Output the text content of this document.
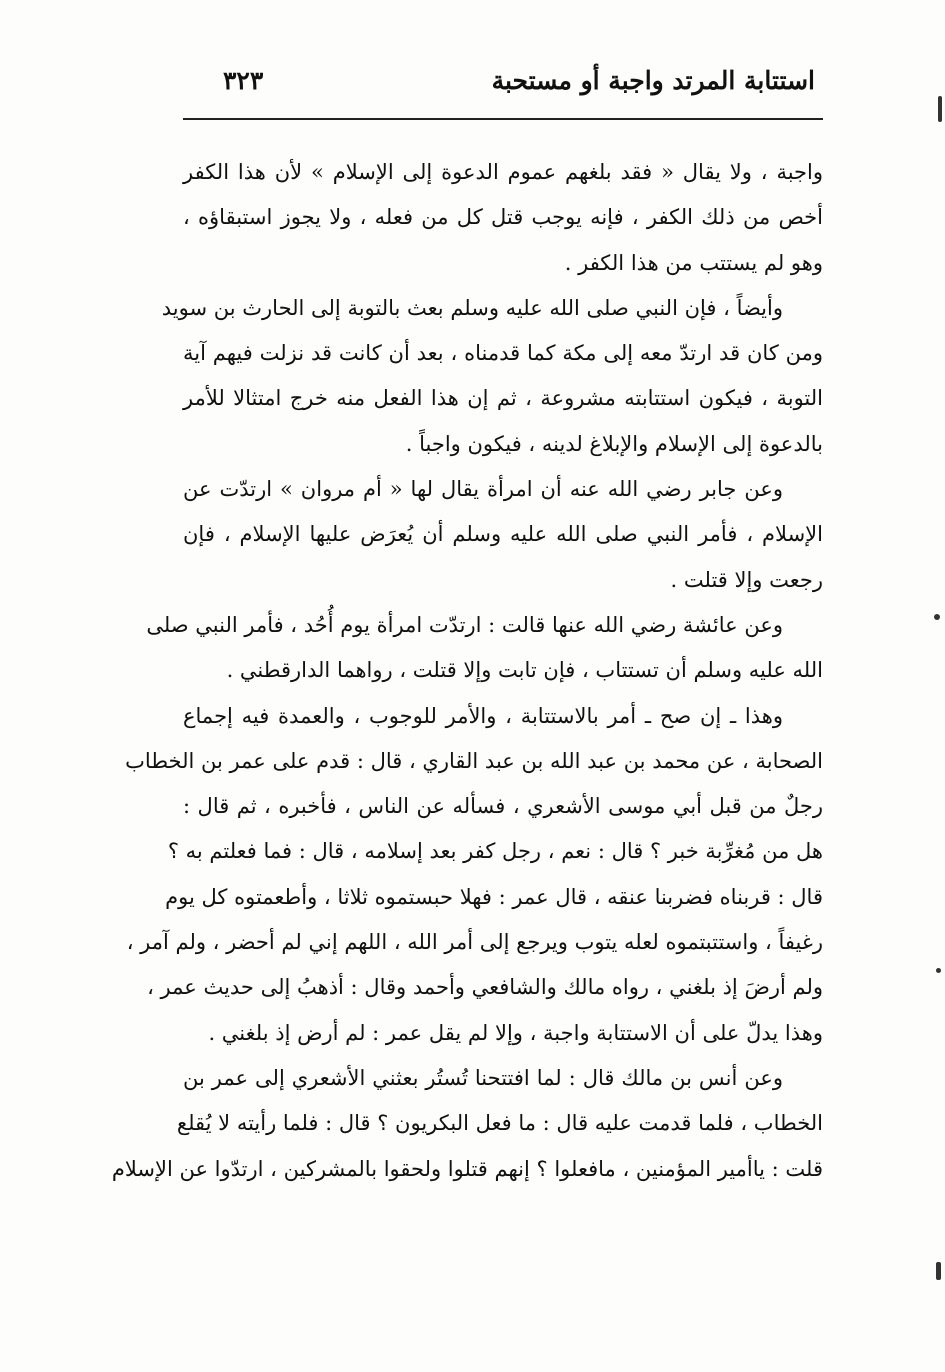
استتابة المرتد واجبة أو مستحبة
٣٢٣
واجبة ، ولا يقال « فقد بلغهم عموم الدعوة إلى الإسلام » لأن هذا الكفر
أخص من ذلك الكفر ، فإنه يوجب قتل كل من فعله ، ولا يجوز استبقاؤه ،
وهو لم يستتب من هذا الكفر .
وأيضاً ، فإن النبي صلى الله عليه وسلم بعث بالتوبة إلى الحارث بن سويد
ومن كان قد ارتدّ معه إلى مكة كما قدمناه ، بعد أن كانت قد نزلت فيهم آية
التوبة ، فيكون استتابته مشروعة ، ثم إن هذا الفعل منه خرج امتثالا للأمر
بالدعوة إلى الإسلام والإبلاغ لدينه ، فيكون واجباً .
وعن جابر رضي الله عنه أن امرأة يقال لها « أم مروان » ارتدّت عن
الإسلام ، فأمر النبي صلى الله عليه وسلم أن يُعرَض عليها الإسلام ، فإن
رجعت وإلا قتلت .
وعن عائشة رضي الله عنها قالت : ارتدّت امرأة يوم أُحُد ، فأمر النبي صلى
الله عليه وسلم أن تستتاب ، فإن تابت وإلا قتلت ، رواهما الدارقطني .
وهذا ـ إن صح ـ أمر بالاستتابة ، والأمر للوجوب ، والعمدة فيه إجماع
الصحابة ، عن محمد بن عبد الله بن عبد القاري ، قال : قدم على عمر بن الخطاب
رجلٌ من قبل أبي موسى الأشعري ، فسأله عن الناس ، فأخبره ، ثم قال :
هل من مُغرِّبة خبر ؟ قال : نعم ، رجل كفر بعد إسلامه ، قال : فما فعلتم به ؟
قال : قربناه فضربنا عنقه ، قال عمر : فهلا حبستموه ثلاثا ، وأطعمتوه كل يوم
رغيفاً ، واستتبتموه لعله يتوب ويرجع إلى أمر الله ، اللهم إني لم أحضر ، ولم آمر ،
ولم أرضَ إذ بلغني ، رواه مالك والشافعي وأحمد وقال : أذهبُ إلى حديث عمر ،
وهذا يدلّ على أن الاستتابة واجبة ، وإلا لم يقل عمر : لم أرض إذ بلغني .
وعن أنس بن مالك قال : لما افتتحنا تُستُر بعثني الأشعري إلى عمر بن
الخطاب ، فلما قدمت عليه قال : ما فعل البكريون ؟ قال : فلما رأيته لا يُقلع
قلت : ياأمير المؤمنين ، مافعلوا ؟ إنهم قتلوا ولحقوا بالمشركين ، ارتدّوا عن الإسلام
